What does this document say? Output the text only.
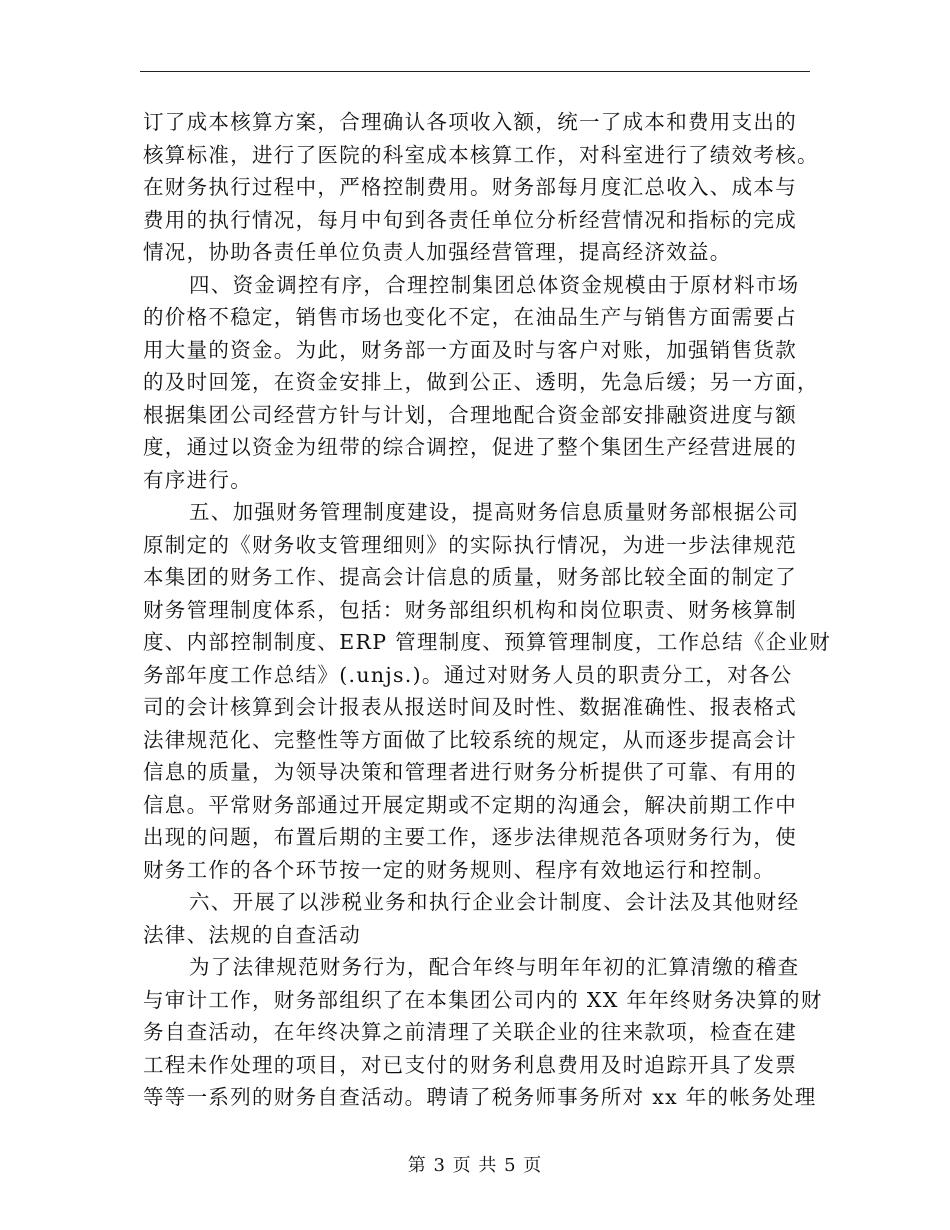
订了成本核算方案，合理确认各项收入额，统一了成本和费用支出的
核算标准，进行了医院的科室成本核算工作，对科室进行了绩效考核。
在财务执行过程中，严格控制费用。财务部每月度汇总收入、成本与
费用的执行情况，每月中旬到各责任单位分析经营情况和指标的完成
情况，协助各责任单位负责人加强经营管理，提高经济效益。
四、资金调控有序，合理控制集团总体资金规模由于原材料市场
的价格不稳定，销售市场也变化不定，在油品生产与销售方面需要占
用大量的资金。为此，财务部一方面及时与客户对账，加强销售货款
的及时回笼，在资金安排上，做到公正、透明，先急后缓；另一方面，
根据集团公司经营方针与计划，合理地配合资金部安排融资进度与额
度，通过以资金为纽带的综合调控，促进了整个集团生产经营进展的
有序进行。
五、加强财务管理制度建设，提高财务信息质量财务部根据公司
原制定的《财务收支管理细则》的实际执行情况，为进一步法律规范
本集团的财务工作、提高会计信息的质量，财务部比较全面的制定了
财务管理制度体系，包括：财务部组织机构和岗位职责、财务核算制
度、内部控制制度、ERP 管理制度、预算管理制度，工作总结《企业财
务部年度工作总结》(.unjs.)。通过对财务人员的职责分工，对各公
司的会计核算到会计报表从报送时间及时性、数据准确性、报表格式
法律规范化、完整性等方面做了比较系统的规定，从而逐步提高会计
信息的质量，为领导决策和管理者进行财务分析提供了可靠、有用的
信息。平常财务部通过开展定期或不定期的沟通会，解决前期工作中
出现的问题，布置后期的主要工作，逐步法律规范各项财务行为，使
财务工作的各个环节按一定的财务规则、程序有效地运行和控制。
六、开展了以涉税业务和执行企业会计制度、会计法及其他财经
法律、法规的自查活动
为了法律规范财务行为，配合年终与明年年初的汇算清缴的稽查
与审计工作，财务部组织了在本集团公司内的 XX 年年终财务决算的财
务自查活动，在年终决算之前清理了关联企业的往来款项，检查在建
工程未作处理的项目，对已支付的财务利息费用及时追踪开具了发票
等等一系列的财务自查活动。聘请了税务师事务所对 xx 年的帐务处理
第 3 页 共 5 页
